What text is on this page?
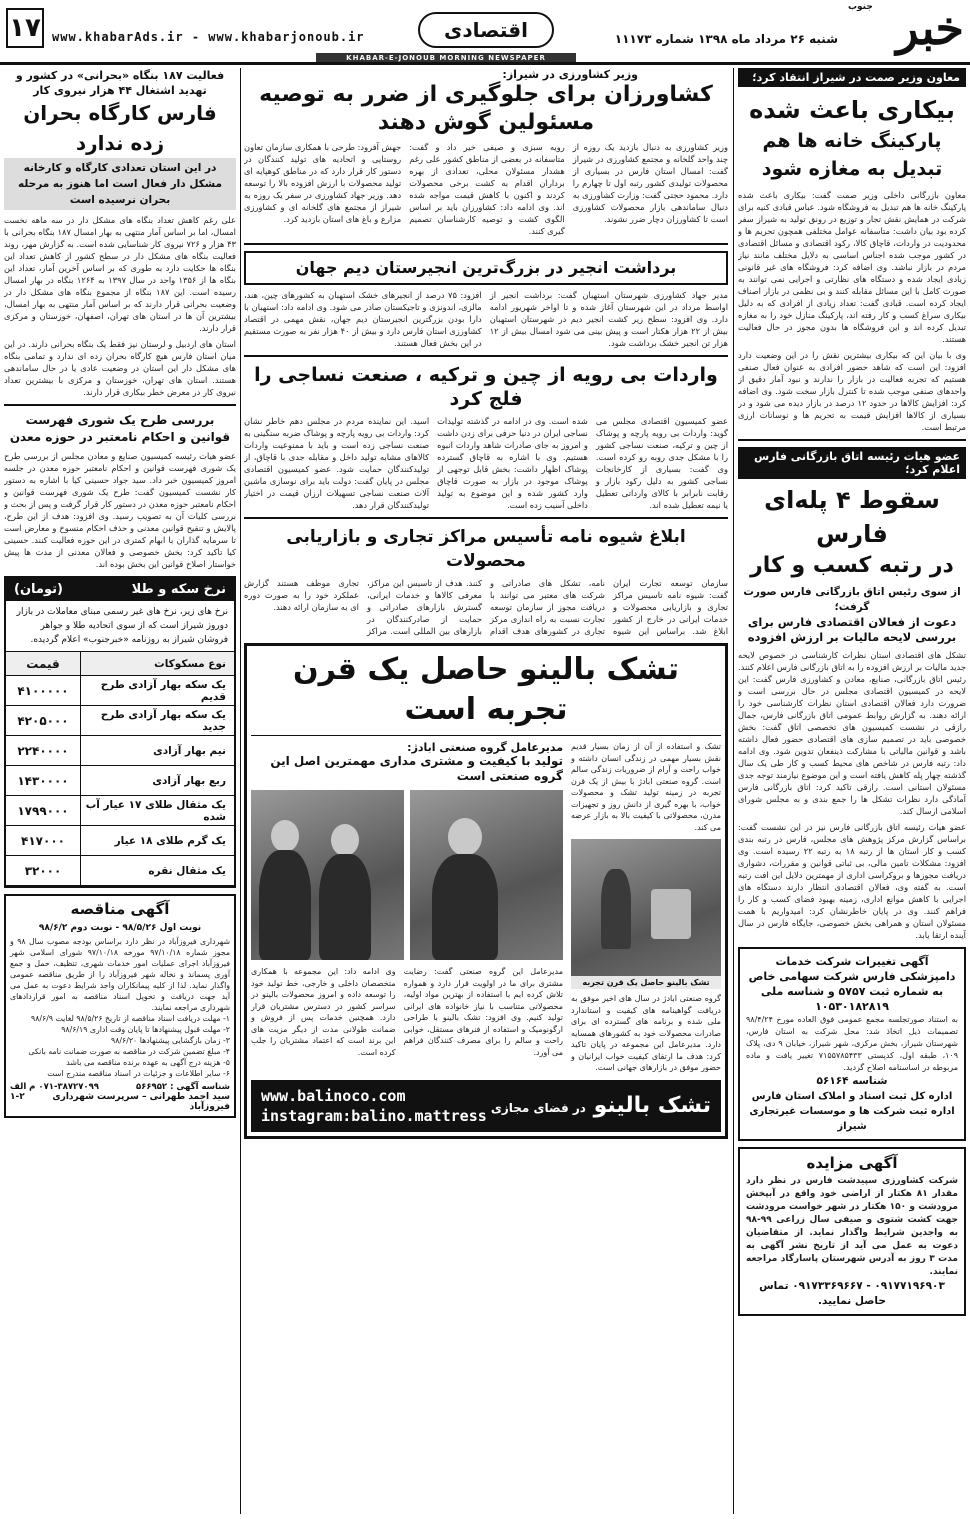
۱۷ www.khabarAds.ir - www.khabarjonoub.ir	اقتصادی	شنبه ۲۶ مرداد ماه ۱۳۹۸ شماره ۱۱۱۷۳	خبر
جنوب
KHABAR-E-JONOUB MORNING NEWSPAPER
معاون وزیر صمت در شیراز انتقاد کرد؛
بیکاری باعث شده
پارکینگ خانه ها هم تبدیل به مغازه شود

معاون بازرگانی داخلی وزیر صمت گفت: بیکاری باعث شده پارکینگ خانه ها هم تبدیل به فروشگاه شود. عباس قبادی کنیه برای شرکت در همایش نقش تجار و توزیع در رونق تولید به شیراز سفر کرده بود بیان داشت: متاسفانه عوامل مختلفی همچون تحریم ها و محدودیت در واردات، قاچاق کالا، رکود اقتصادی و مسائل اقتصادی در کشور موجب شده اجناس اساسی به دلایل مختلف مانند نیاز مردم در بازار نباشد. وی اضافه کرد: فروشگاه های غیر قانونی زیادی ایجاد شده و دستگاه های نظارتی و اجرایی نمی توانند به صورت کامل با این مسائل مقابله کنند و بی نظمی در بازار اصناف ایجاد کرده است. قبادی گفت: تعداد زیادی از افرادی که به دلیل بیکاری سراغ کسب و کار رفته اند، پارکینگ منازل خود را به مغازه تبدیل کرده اند و این فروشگاه ها بدون مجوز در حال فعالیت هستند.

وی با بیان این که بیکاری بیشترین نقش را در این وضعیت دارد افزود: این است که شاهد حضور افرادی به عنوان فعال صنفی هستیم که تجربه فعالیت در بازار را ندارند و نبود آمار دقیق از واحدهای صنفی موجب شده تا کنترل بازار سخت شود. وی اضافه کرد: افزایش کالاها در حدود ۱۲ درصد در بازار دیده می شود و در بسیاری از کالاها افزایش قیمت به تحریم ها و نوسانات ارزی مرتبط است.

عضو هیات رئیسه اتاق بازرگانی فارس اعلام کرد؛
سقوط ۴ پله‌ای فارس
در رتبه کسب و کار
از سوی رئیس اتاق بازرگانی فارس صورت گرفت؛
دعوت از فعالان اقتصادی فارس برای بررسی لایحه مالیات بر ارزش افزوده

تشکل های اقتصادی استان نظرات کارشناسی در خصوص لایحه جدید مالیات بر ارزش افزوده را به اتاق بازرگانی فارس اعلام کنند. رئیس اتاق بازرگانی، صنایع، معادن و کشاورزی فارس گفت: این لایحه در کمیسیون اقتصادی مجلس در حال بررسی است و ضرورت دارد فعالان اقتصادی استان نظرات کارشناسی خود را ارائه دهند. به گزارش روابط عمومی اتاق بازرگانی فارس، جمال رازقی در نشست کمیسیون های تخصصی اتاق گفت: بخش خصوصی باید در تصمیم سازی های اقتصادی حضور فعال داشته باشد و قوانین مالیاتی با مشارکت ذینفعان تدوین شود. وی ادامه داد: رتبه فارس در شاخص های محیط کسب و کار طی یک سال گذشته چهار پله کاهش یافته است و این موضوع نیازمند توجه جدی مسئولان استانی است. رازقی تاکید کرد: اتاق بازرگانی فارس آمادگی دارد نظرات تشکل ها را جمع بندی و به مجلس شورای اسلامی ارسال کند.

عضو هیات رئیسه اتاق بازرگانی فارس نیز در این نشست گفت: براساس گزارش مرکز پژوهش های مجلس، فارس در رتبه بندی کسب و کار استان ها از رتبه ۱۸ به رتبه ۲۲ رسیده است. وی افزود: مشکلات تامین مالی، بی ثباتی قوانین و مقررات، دشواری دریافت مجوزها و بروکراسی اداری از مهمترین دلایل این افت رتبه است. به گفته وی، فعالان اقتصادی انتظار دارند دستگاه های اجرایی با کاهش موانع اداری، زمینه بهبود فضای کسب و کار را فراهم کنند. وی در پایان خاطرنشان کرد: امیدواریم با همت مسئولان استان و همراهی بخش خصوصی، جایگاه فارس در سال آینده ارتقا یابد.

آگهی تغییرات شرکت خدمات دامپزشکی فارس شرکت سهامی خاص به شماره ثبت ۵۷۵۷ و شناسه ملی ۱۰۵۳۰۱۸۲۸۱۹

به استناد صورتجلسه مجمع عمومی فوق العاده مورخ ۹۸/۴/۲۴ تصمیمات ذیل اتخاذ شد: محل شرکت به استان فارس، شهرستان شیراز، بخش مرکزی، شهر شیراز، خیابان ۹ دی، پلاک ۱۰۹، طبقه اول، کدپستی ۷۱۵۵۷۸۵۴۳۳ تغییر یافت و ماده مربوطه در اساسنامه اصلاح گردید.

شناسه ۵۶۱۶۴
اداره کل ثبت اسناد و املاک استان فارس اداره ثبت شرکت ها و موسسات غیرتجاری شیراز
آگهی مزایده

شرکت کشاورزی سپیدشت فارس در نظر دارد مقدار ۸۱ هکتار از اراضی خود واقع در آبپخش مرودشت و ۱۵۰ هکتار در شهر خواست مرودشت جهت کشت شتوی و صیفی سال زراعی ۹۹-۹۸ به واجدین شرایط واگذار نماید. از متقاضیان دعوت به عمل می آید از تاریخ نشر آگهی به مدت ۳ روز به آدرس شهرستان پاسارگاد مراجعه نمایند.

۰۹۱۷۷۱۹۶۹۰۳ - ۰۹۱۷۳۳۶۹۶۶۷ تماس حاصل نمایید.
وزیر کشاورزی در شیراز:
کشاورزان برای جلوگیری از ضرر به توصیه مسئولین گوش دهند

وزیر کشاورزی به دنبال بازدید یک روزه از چند واحد گلخانه و مجتمع کشاورزی در شیراز گفت: امسال استان فارس در بسیاری از محصولات تولیدی کشور رتبه اول تا چهارم را دارد. محمود حجتی گفت: وزارت کشاورزی به دنبال ساماندهی بازار محصولات کشاورزی است تا کشاورزان دچار ضرر نشوند.

رویه سبزی و صیفی خیر داد و گفت: متاسفانه در بعضی از مناطق کشور علی رغم هشدار مسئولان محلی، تعدادی از بهره برداران اقدام به کشت برخی محصولات کردند و اکنون با کاهش قیمت مواجه شده اند. وی ادامه داد: کشاورزان باید بر اساس الگوی کشت و توصیه کارشناسان تصمیم گیری کنند.

جهش آفرود: طرحی با همکاری سازمان تعاون روستایی و اتحادیه های تولید کنندگان در دستور کار قرار دارد که در مناطق کوهپایه ای تولید محصولات با ارزش افزوده بالا را توسعه دهد. وزیر جهاد کشاورزی در سفر یک روزه به شیراز از مجتمع های گلخانه ای و کشاورزی مزارع و باغ های استان بازدید کرد.

برداشت انجیر در بزرگ‌ترین انجیرستان دیم جهان

مدیر جهاد کشاورزی شهرستان استهبان گفت: برداشت انجیر از اواسط مرداد در این شهرستان آغاز شده و تا اواخر شهریور ادامه دارد. وی افزود: سطح زیر کشت انجیر دیم در شهرستان استهبان بیش از ۲۲ هزار هکتار است و پیش بینی می شود امسال بیش از ۱۲ هزار تن انجیر خشک برداشت شود.

افزود: ۷۵ درصد از انجیرهای خشک استهبان به کشورهای چین، هند، مالزی، اندونزی و تاجیکستان صادر می شود. وی ادامه داد: استهبان با دارا بودن بزرگترین انجیرستان دیم جهان، نقش مهمی در اقتصاد کشاورزی استان فارس دارد و بیش از ۴۰ هزار نفر به صورت مستقیم در این بخش فعال هستند.

واردات بی رویه از چین و ترکیه ، صنعت نساجی را فلج کرد

عضو کمیسیون اقتصادی مجلس می گوید: واردات بی رویه پارچه و پوشاک از چین و ترکیه، صنعت نساجی کشور را با مشکل جدی روبه رو کرده است. وی گفت: بسیاری از کارخانجات نساجی کشور به دلیل رکود بازار و رقابت نابرابر با کالای وارداتی تعطیل یا نیمه تعطیل شده اند.

شده است. وی در ادامه در گذشته تولیدات نساجی ایران در دنیا حرفی برای زدن داشت و امروز به جای صادرات شاهد واردات انبوه هستیم. وی با اشاره به قاچاق گسترده پوشاک اظهار داشت: بخش قابل توجهی از پوشاک موجود در بازار به صورت قاچاق وارد کشور شده و این موضوع به تولید داخلی آسیب زده است.

اسید. این نماینده مردم در مجلس دهم خاطر نشان کرد: واردات بی رویه پارچه و پوشاک ضربه سنگینی به صنعت نساجی زده است و باید با ممنوعیت واردات کالاهای مشابه تولید داخل و مقابله جدی با قاچاق، از تولیدکنندگان حمایت شود. عضو کمیسیون اقتصادی مجلس در پایان گفت: دولت باید برای نوسازی ماشین آلات صنعت نساجی تسهیلات ارزان قیمت در اختیار تولیدکنندگان قرار دهد.

ابلاغ شیوه نامه تأسیس مراکز تجاری و بازاریابی محصولات

سازمان توسعه تجارت ایران گفت: شیوه نامه تاسیس مراکز تجاری و بازاریابی محصولات و خدمات ایرانی در خارج از کشور ابلاغ شد. براساس این شیوه نامه، تشکل های صادراتی و شرکت های معتبر می توانند با دریافت مجوز از سازمان توسعه تجارت نسبت به راه اندازی مرکز تجاری در کشورهای هدف اقدام کنند. هدف از تاسیس این مراکز، معرفی کالاها و خدمات ایرانی، گسترش بازارهای صادراتی و حمایت از صادرکنندگان در بازارهای بین المللی است. مراکز تجاری موظف هستند گزارش عملکرد خود را به صورت دوره ای به سازمان ارائه دهند.

تشک بالینو حاصل یک قرن تجربه است

تشک و استفاده از آن از زمان بسیار قدیم نقش بسیار مهمی در زندگی انسان داشته و خواب راحت و آرام از ضروریات زندگی سالم است. گروه صنعتی ابادژ با بیش از یک قرن تجربه در زمینه تولید تشک و محصولات خواب، با بهره گیری از دانش روز و تجهیزات مدرن، محصولاتی با کیفیت بالا به بازار عرضه می کند.

تشک بالینو حاصل یک قرن تجربه

گروه صنعتی ابادژ در سال های اخیر موفق به دریافت گواهینامه های کیفیت و استاندارد ملی شده و برنامه های گسترده ای برای صادرات محصولات خود به کشورهای همسایه دارد. مدیرعامل این مجموعه در پایان تاکید کرد: هدف ما ارتقای کیفیت خواب ایرانیان و حضور موفق در بازارهای جهانی است.

مدیرعامل گروه صنعتی ابادژ:
تولید با کیفیت و مشتری مداری مهمترین اصل این گروه صنعتی است

مدیرعامل این گروه صنعتی گفت: رضایت مشتری برای ما در اولویت قرار دارد و همواره تلاش کرده ایم با استفاده از بهترین مواد اولیه، محصولاتی متناسب با نیاز خانواده های ایرانی تولید کنیم. وی افزود: تشک بالینو با طراحی ارگونومیک و استفاده از فنرهای مستقل، خوابی راحت و سالم را برای مصرف کنندگان فراهم می آورد.

وی ادامه داد: این مجموعه با همکاری متخصصان داخلی و خارجی، خط تولید خود را توسعه داده و امروز محصولات بالینو در سراسر کشور در دسترس مشتریان قرار دارد. همچنین خدمات پس از فروش و ضمانت طولانی مدت از دیگر مزیت های این برند است که اعتماد مشتریان را جلب کرده است.

تشک بالینو در فضای مجازی
www.balinoco.com
instagram:balino.mattress
فعالیت ۱۸۷ بنگاه «بحرانی» در کشور و تهدید اشتغال ۴۴ هزار نیروی کار
فارس کارگاه بحران زده ندارد
در این استان تعدادی کارگاه و کارخانه مشکل دار فعال است اما هنوز به مرحله بحران نرسیده است

علی رغم کاهش تعداد بنگاه های مشکل دار در سه ماهه نخست امسال، اما بر اساس آمار منتهی به بهار امسال ۱۸۷ بنگاه بحرانی با ۴۳ هزار و ۷۲۶ نیروی کار شناسایی شده است. به گزارش مهر، روند فعالیت بنگاه های مشکل دار در سطح کشور از کاهش تعداد این بنگاه ها حکایت دارد به طوری که بر اساس آخرین آمار، تعداد این بنگاه ها از ۱۳۵۶ واحد در سال ۱۳۹۷ به ۱۲۶۴ بنگاه در بهار امسال رسیده است. این ۱۸۷ بنگاه از مجموع بنگاه های مشکل دار در وضعیت بحرانی قرار دارند که بر اساس آمار منتهی به بهار امسال، بیشترین آن ها در استان های تهران، اصفهان، خوزستان و مرکزی قرار دارند.

استان های اردبیل و لرستان نیز فقط یک بنگاه بحرانی دارند. در این میان استان فارس هیچ کارگاه بحران زده ای ندارد و تمامی بنگاه های مشکل دار این استان در وضعیت عادی یا در حال ساماندهی هستند. استان های تهران، خوزستان و مرکزی با بیشترین تعداد نیروی کار در معرض خطر بیکاری قرار دارند.

بررسی طرح یک شوری فهرست قوانین و احکام نامعتبر در حوزه معدن

عضو هیات رئیسه کمیسیون صنایع و معادن مجلس از بررسی طرح یک شوری فهرست قوانین و احکام نامعتبر حوزه معدن در جلسه امروز کمیسیون خبر داد. سید جواد حسینی کیا با اشاره به دستور کار نشست کمیسیون گفت: طرح یک شوری فهرست قوانین و احکام نامعتبر حوزه معدن در دستور کار قرار گرفت و پس از بحث و بررسی کلیات آن به تصویب رسید. وی افزود: هدف از این طرح، پالایش و تنقیح قوانین معدنی و حذف احکام منسوخ و معارض است تا سرمایه گذاران با ابهام کمتری در این حوزه فعالیت کنند. حسینی کیا تاکید کرد: بخش خصوصی و فعالان معدنی از مدت ها پیش خواستار اصلاح قوانین این بخش بوده اند.

نرخ سکه و طلا
(تومان)
نرخ های زیر، نرخ های غیر رسمی مبنای معاملات در بازار دوروز شیراز است که از سوی اتحادیه طلا و جواهر فروشان شیراز به روزنامه «خبرجنوب» اعلام گردیده.
نوع مسکوکات
قیمت
یک سکه بهار آزادی طرح قدیم
۴۱۰۰۰۰۰
یک سکه بهار آزادی طرح جدید
۴۲۰۵۰۰۰
نیم بهار آزادی
۲۲۴۰۰۰۰
ربع بهار آزادی
۱۴۳۰۰۰۰
یک مثقال طلای ۱۷ عیار آب شده
۱۷۹۹۰۰۰
یک گرم طلای ۱۸ عیار
۴۱۷۰۰۰
یک مثقال نقره
۳۲۰۰۰
آگهی مناقصه
نوبت اول ۹۸/۵/۲۶ - نوبت دوم ۹۸/۶/۲

شهرداری فیروزآباد در نظر دارد براساس بودجه مصوب سال ۹۸ و مجوز شماره ۹۷/۱۰/۱۸ مورخه ۹۷/۱۰/۱۸ شورای اسلامی شهر فیروزآباد اجرای عملیات امور خدمات شهری، تنظیف، حمل و جمع آوری پسماند و نخاله شهر فیروزآباد را از طریق مناقصه عمومی واگذار نماید. لذا از کلیه پیمانکاران واجد شرایط دعوت به عمل می آید جهت دریافت و تحویل اسناد مناقصه به امور قراردادهای شهرداری مراجعه نمایند.

۱- مهلت دریافت اسناد مناقصه از تاریخ ۹۸/۵/۲۶ لغایت ۹۸/۶/۹
۲- مهلت قبول پیشنهادها تا پایان وقت اداری ۹۸/۶/۱۹
۳- زمان بازگشایی پیشنهادها ۹۸/۶/۲۰
۴- مبلغ تضمین شرکت در مناقصه به صورت ضمانت نامه بانکی
۵- هزینه درج آگهی به عهده برنده مناقصه می باشد
۶- سایر اطلاعات و جزئیات در اسناد مناقصه مندرج است
شناسه آگهی : ۵۶۶۹۵۲
۰۷۱-۳۸۷۲۷۰۹۹ م الف
سید احمد طهرانی – سرپرست شهرداری فیروزآباد
۱-۲
